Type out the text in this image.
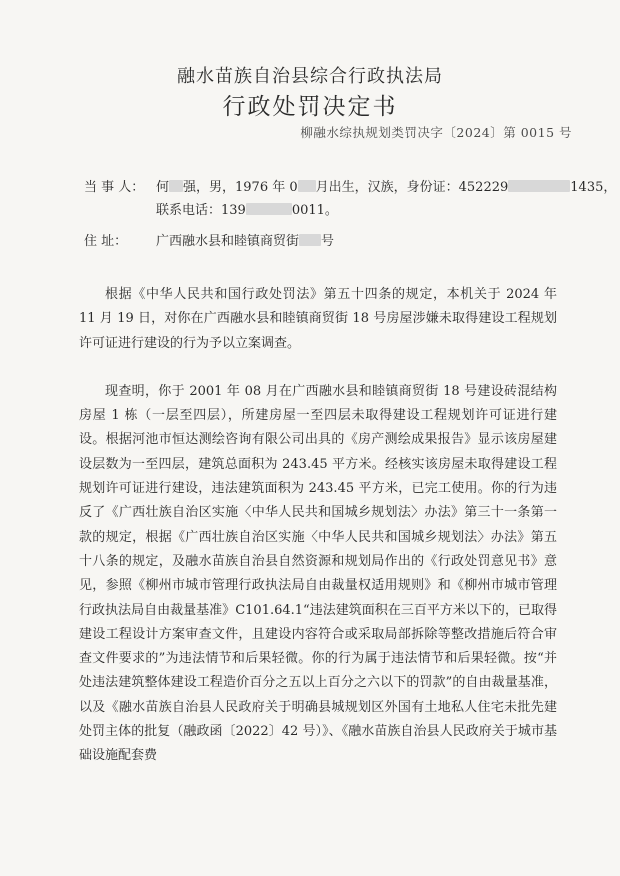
融水苗族自治县综合行政执法局
行政处罚决定书
柳融水综执规划类罚决字〔2024〕第 0015 号
当 事 人： 何 强，男，1976 年 0 月出生，汉族，身份证：452229	1435，
联系电话：139	0011。
住 址： 广西融水县和睦镇商贸街 号

根据《中华人民共和国行政处罚法》第五十四条的规定，本机关于 2024 年 11 月 19 日，对你在广西融水县和睦镇商贸街 18 号房屋涉嫌未取得建设工程规划许可证进行建设的行为予以立案调查。

现查明，你于 2001 年 08 月在广西融水县和睦镇商贸街 18 号建设砖混结构房屋 1 栋（一层至四层），所建房屋一至四层未取得建设工程规划许可证进行建设。根据河池市恒达测绘咨询有限公司出具的《房产测绘成果报告》显示该房屋建设层数为一至四层，建筑总面积为 243.45 平方米。经核实该房屋未取得建设工程规划许可证进行建设，违法建筑面积为 243.45 平方米，已完工使用。你的行为违反了《广西壮族自治区实施〈中华人民共和国城乡规划法〉办法》第三十一条第一款的规定，根据《广西壮族自治区实施〈中华人民共和国城乡规划法〉办法》第五十八条的规定，及融水苗族自治县自然资源和规划局作出的《行政处罚意见书》意见，参照《柳州市城市管理行政执法局自由裁量权适用规则》和《柳州市城市管理行政执法局自由裁量基准》C101.64.1“违法建筑面积在三百平方米以下的，已取得建设工程设计方案审查文件，且建设内容符合或采取局部拆除等整改措施后符合审查文件要求的”为违法情节和后果轻微。你的行为属于违法情节和后果轻微。按“并处违法建筑整体建设工程造价百分之五以上百分之六以下的罚款”的自由裁量基准，以及《融水苗族自治县人民政府关于明确县城规划区外国有土地私人住宅未批先建处罚主体的批复（融政函〔2022〕42 号）》、《融水苗族自治县人民政府关于城市基础设施配套费
